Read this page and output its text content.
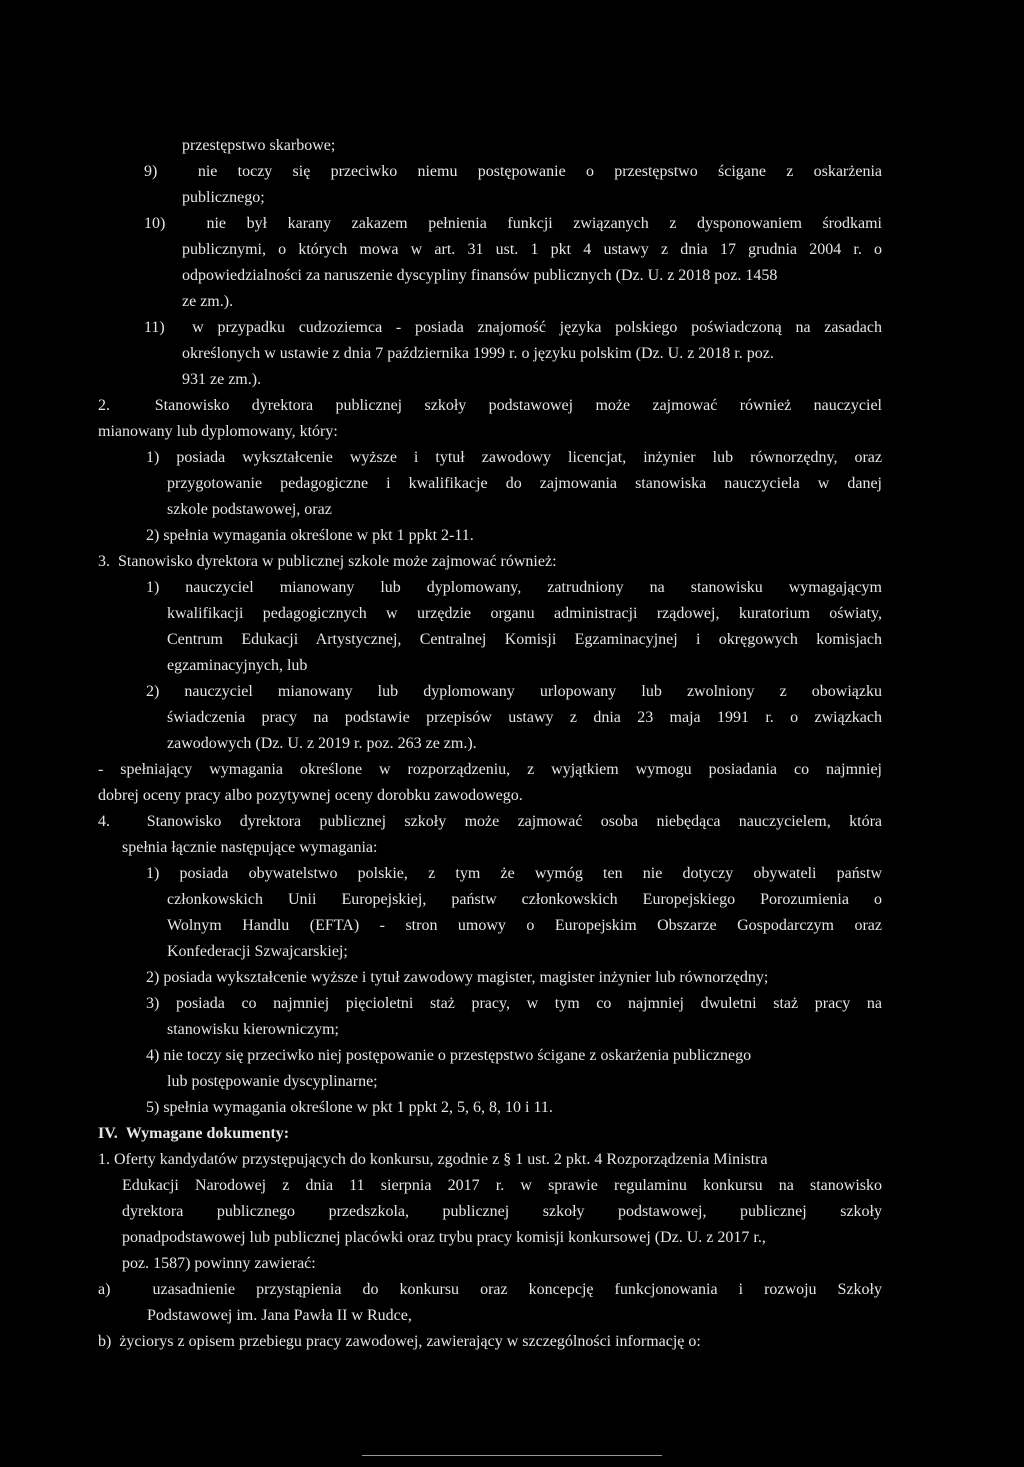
przestępstwo skarbowe;
9)  nie toczy się przeciwko niemu postępowanie o przestępstwo ścigane z oskarżenia
publicznego;
10)  nie był karany zakazem pełnienia funkcji związanych z dysponowaniem środkami
publicznymi, o których mowa w art. 31 ust. 1 pkt 4 ustawy z dnia 17 grudnia 2004 r. o
odpowiedzialności za naruszenie dyscypliny finansów publicznych (Dz. U. z 2018 poz. 1458
ze zm.).
11)  w przypadku cudzoziemca - posiada znajomość języka polskiego poświadczoną na zasadach
określonych w ustawie z dnia 7 października 1999 r. o języku polskim (Dz. U. z 2018 r. poz.
931 ze zm.).
2.  Stanowisko dyrektora publicznej szkoły podstawowej może zajmować również nauczyciel
mianowany lub dyplomowany, który:
1) posiada wykształcenie wyższe i tytuł zawodowy licencjat, inżynier lub równorzędny, oraz
przygotowanie pedagogiczne i kwalifikacje do zajmowania stanowiska nauczyciela w danej
szkole podstawowej, oraz
2) spełnia wymagania określone w pkt 1 ppkt 2-11.
3.  Stanowisko dyrektora w publicznej szkole może zajmować również:
1) nauczyciel mianowany lub dyplomowany, zatrudniony na stanowisku wymagającym
kwalifikacji pedagogicznych w urzędzie organu administracji rządowej, kuratorium oświaty,
Centrum Edukacji Artystycznej, Centralnej Komisji Egzaminacyjnej i okręgowych komisjach
egzaminacyjnych, lub
2) nauczyciel mianowany lub dyplomowany urlopowany lub zwolniony z obowiązku
świadczenia pracy na podstawie przepisów ustawy z dnia 23 maja 1991 r. o związkach
zawodowych (Dz. U. z 2019 r. poz. 263 ze zm.).
- spełniający wymagania określone w rozporządzeniu, z wyjątkiem wymogu posiadania co najmniej
dobrej oceny pracy albo pozytywnej oceny dorobku zawodowego.
4.  Stanowisko dyrektora publicznej szkoły może zajmować osoba niebędąca nauczycielem, która
spełnia łącznie następujące wymagania:
1) posiada obywatelstwo polskie, z tym że wymóg ten nie dotyczy obywateli państw
członkowskich Unii Europejskiej, państw członkowskich Europejskiego Porozumienia o
Wolnym Handlu (EFTA) - stron umowy o Europejskim Obszarze Gospodarczym oraz
Konfederacji Szwajcarskiej;
2) posiada wykształcenie wyższe i tytuł zawodowy magister, magister inżynier lub równorzędny;
3) posiada co najmniej pięcioletni staż pracy, w tym co najmniej dwuletni staż pracy na
stanowisku kierowniczym;
4) nie toczy się przeciwko niej postępowanie o przestępstwo ścigane z oskarżenia publicznego
lub postępowanie dyscyplinarne;
5) spełnia wymagania określone w pkt 1 ppkt 2, 5, 6, 8, 10 i 11.
IV.  Wymagane dokumenty:
1. Oferty kandydatów przystępujących do konkursu, zgodnie z § 1 ust. 2 pkt. 4 Rozporządzenia Ministra
Edukacji Narodowej z dnia 11 sierpnia 2017 r. w sprawie regulaminu konkursu na stanowisko
dyrektora publicznego przedszkola, publicznej szkoły podstawowej, publicznej szkoły
ponadpodstawowej lub publicznej placówki oraz trybu pracy komisji konkursowej (Dz. U. z 2017 r.,
poz. 1587) powinny zawierać:
a)  uzasadnienie przystąpienia do konkursu oraz koncepcję funkcjonowania i rozwoju Szkoły
Podstawowej im. Jana Pawła II w Rudce,
b)  życiorys z opisem przebiegu pracy zawodowej, zawierający w szczególności informację o:
